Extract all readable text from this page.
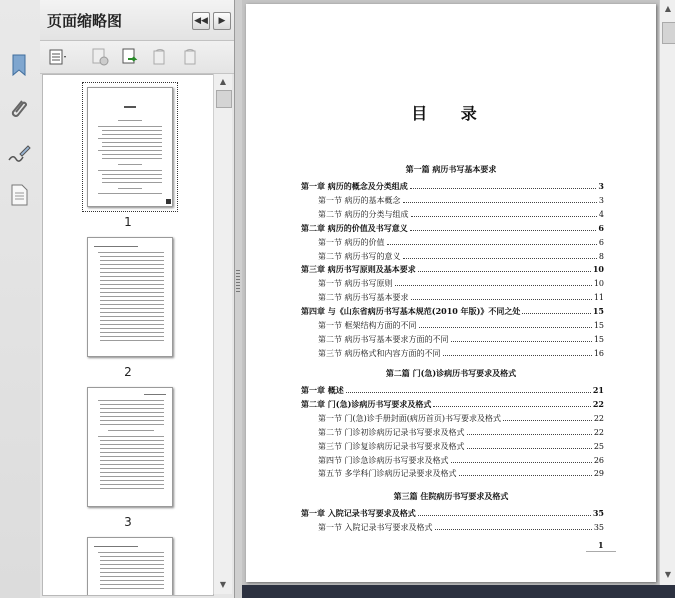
页面缩略图	◀◀	▶
1
2
3
▲
▼
目 录
1
第一篇 病历书写基本要求
第一章 病历的概念及分类组成	3
第一节 病历的基本概念	3
第二节 病历的分类与组成	4
第二章 病历的价值及书写意义	6
第一节 病历的价值	6
第二节 病历书写的意义	8
第三章 病历书写原则及基本要求	10
第一节 病历书写原则	10
第二节 病历书写基本要求	11
第四章 与《山东省病历书写基本规范(2010 年版)》不同之处	15
第一节 框架结构方面的不同	15
第二节 病历书写基本要求方面的不同	15
第三节 病历格式和内容方面的不同	16
第二篇 门(急)诊病历书写要求及格式
第一章 概述	21
第二章 门(急)诊病历书写要求及格式	22
第一节 门(急)诊手册封面(病历首页)书写要求及格式	22
第二节 门诊初诊病历记录书写要求及格式	22
第三节 门诊复诊病历记录书写要求及格式	25
第四节 门诊急诊病历书写要求及格式	26
第五节 多学科门诊病历记录要求及格式	29
第三篇 住院病历书写要求及格式
第一章 入院记录书写要求及格式	35
第一节 入院记录书写要求及格式	35
▲
▼
